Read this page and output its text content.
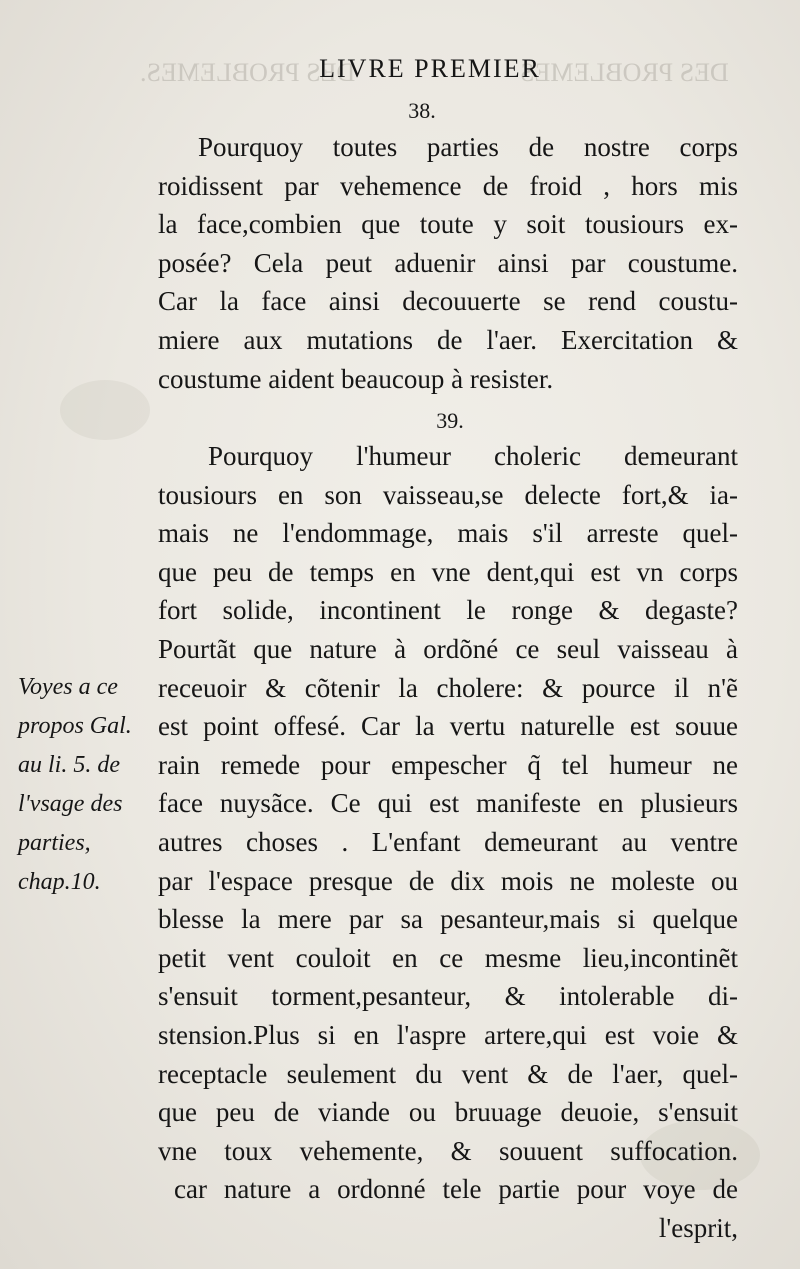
DES PROBLEMES.	DES PROBLEMES
LIVRE PREMIER
38.
Pourquoy toutes parties de nostre corps
roidissent par vehemence de froid , hors mis
la face,combien que toute y soit tousiours ex-
posée? Cela peut aduenir ainsi par coustume.
Car la face ainsi decouuerte se rend coustu-
miere aux mutations de l'aer. Exercitation &
coustume aident beaucoup à resister.
39.
Pourquoy l'humeur choleric demeurant
tousiours en son vaisseau,se delecte fort,& ia-
mais ne l'endommage, mais s'il arreste quel-
que peu de temps en vne dent,qui est vn corps
fort solide, incontinent le ronge & degaste?
Pourtãt que nature à ordõné ce seul vaisseau à
receuoir & cõtenir la cholere: & pource il n'ẽ
est point offesé. Car la vertu naturelle est souue
rain remede pour empescher q̃ tel humeur ne
face nuysãce. Ce qui est manifeste en plusieurs
autres choses . L'enfant demeurant au ventre
par l'espace presque de dix mois ne moleste ou
blesse la mere par sa pesanteur,mais si quelque
petit vent couloit en ce mesme lieu,incontinẽt
s'ensuit torment,pesanteur, & intolerable di-
stension.Plus si en l'aspre artere,qui est voie &
receptacle seulement du vent & de l'aer, quel-
que peu de viande ou bruuage deuoie, s'ensuit
vne toux vehemente, & souuent suffocation.
car nature a ordonné tele partie pour voye de
l'esprit,
Voyes a ce
propos Gal.
au li. 5. de
l'vsage des
parties,
chap.10.
